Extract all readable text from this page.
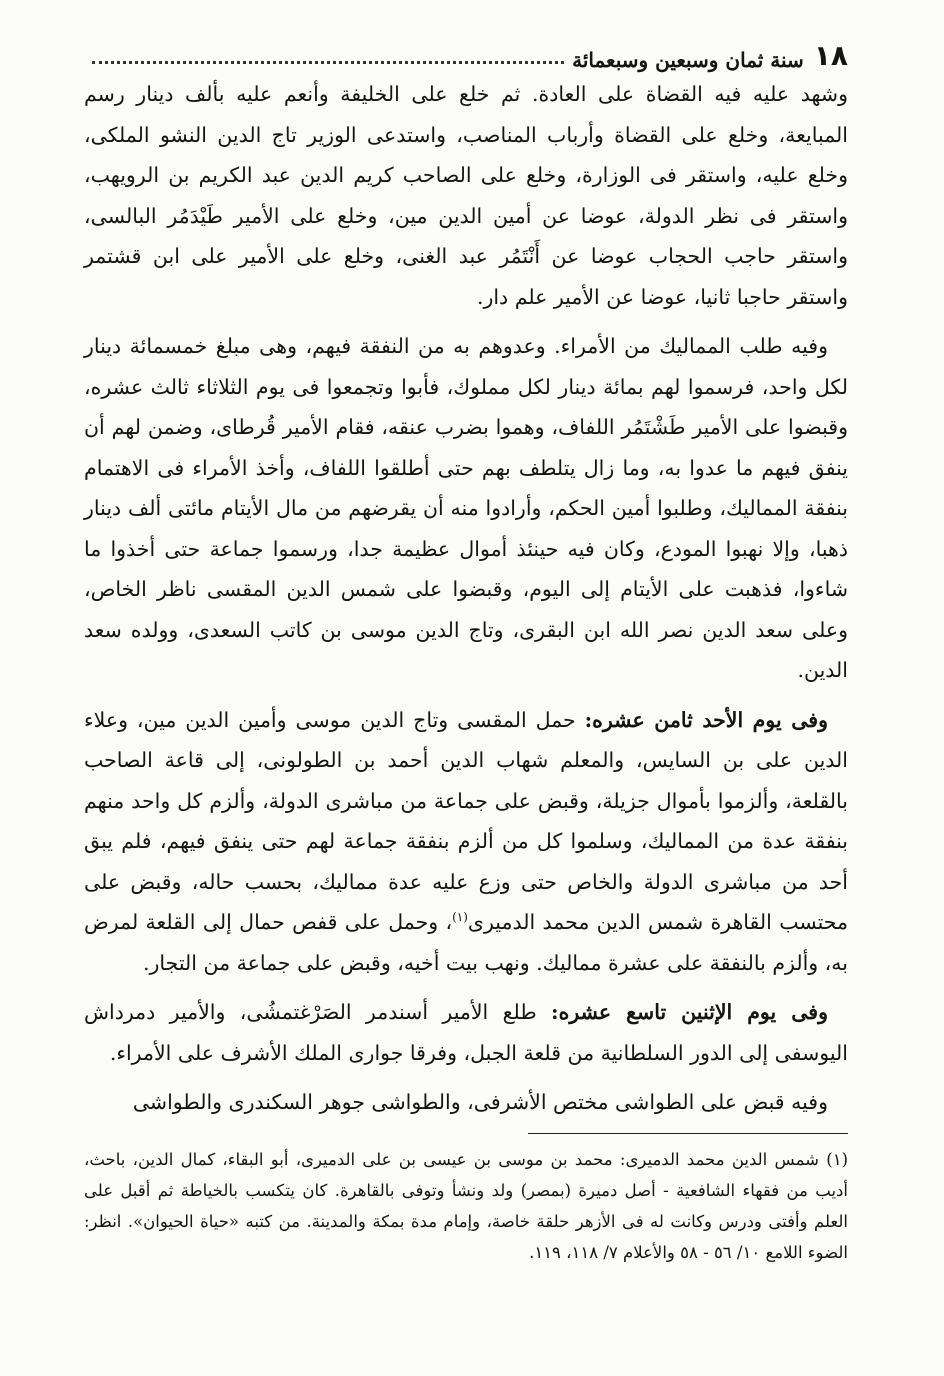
١٨
سنة ثمان وسبعين وسبعمائة

وشهد عليه فيه القضاة على العادة. ثم خلع على الخليفة وأنعم عليه بألف دينار رسم المبايعة، وخلع على القضاة وأرباب المناصب، واستدعى الوزير تاج الدين النشو الملكى، وخلع عليه، واستقر فى الوزارة، وخلع على الصاحب كريم الدين عبد الكريم بن الرويهب، واستقر فى نظر الدولة، عوضا عن أمين الدين مين، وخلع على الأمير طَيْدَمُر البالسى، واستقر حاجب الحجاب عوضا عن أَنْتَمُر عبد الغنى، وخلع على الأمير على ابن قشتمر واستقر حاجبا ثانيا، عوضا عن الأمير علم دار.

وفيه طلب المماليك من الأمراء. وعدوهم به من النفقة فيهم، وهى مبلغ خمسمائة دينار لكل واحد، فرسموا لهم بمائة دينار لكل مملوك، فأبوا وتجمعوا فى يوم الثلاثاء ثالث عشره، وقبضوا على الأمير طَشْتَمُر اللفاف، وهموا بضرب عنقه، فقام الأمير قُرطاى، وضمن لهم أن ينفق فيهم ما عدوا به، وما زال يتلطف بهم حتى أطلقوا اللفاف، وأخذ الأمراء فى الاهتمام بنفقة المماليك، وطلبوا أمين الحكم، وأرادوا منه أن يقرضهم من مال الأيتام مائتى ألف دينار ذهبا، وإلا نهبوا المودع، وكان فيه حينئذ أموال عظيمة جدا، ورسموا جماعة حتى أخذوا ما شاءوا، فذهبت على الأيتام إلى اليوم، وقبضوا على شمس الدين المقسى ناظر الخاص، وعلى سعد الدين نصر الله ابن البقرى، وتاج الدين موسى بن كاتب السعدى، وولده سعد الدين.

وفى يوم الأحد ثامن عشره: حمل المقسى وتاج الدين موسى وأمين الدين مين، وعلاء الدين على بن السايس، والمعلم شهاب الدين أحمد بن الطولونى، إلى قاعة الصاحب بالقلعة، وألزموا بأموال جزيلة، وقبض على جماعة من مباشرى الدولة، وألزم كل واحد منهم بنفقة عدة من المماليك، وسلموا كل من ألزم بنفقة جماعة لهم حتى ينفق فيهم، فلم يبق أحد من مباشرى الدولة والخاص حتى وزع عليه عدة مماليك، بحسب حاله، وقبض على محتسب القاهرة شمس الدين محمد الدميرى$^{(١)}$، وحمل على قفص حمال إلى القلعة لمرض به، وألزم بالنفقة على عشرة مماليك. ونهب بيت أخيه، وقبض على جماعة من التجار.

وفى يوم الإثنين تاسع عشره: طلع الأمير أسندمر الصَرْغتمشُى، والأمير دمرداش اليوسفى إلى الدور السلطانية من قلعة الجبل، وفرقا جوارى الملك الأشرف على الأمراء.

وفيه قبض على الطواشى مختص الأشرفى، والطواشى جوهر السكندرى والطواشى

(١) شمس الدين محمد الدميرى: محمد بن موسى بن عيسى بن على الدميرى، أبو البقاء، كمال الدين، باحث، أديب من فقهاء الشافعية - أصل دميرة (بمصر) ولد ونشأ وتوفى بالقاهرة. كان يتكسب بالخياطة ثم أقبل على العلم وأفتى ودرس وكانت له فى الأزهر حلقة خاصة، وإمام مدة بمكة والمدينة. من كتبه «حياة الحيوان». انظر: الضوء اللامع ١٠/ ٥٦ - ٥٨ والأعلام ٧/ ١١٨، ١١٩.
